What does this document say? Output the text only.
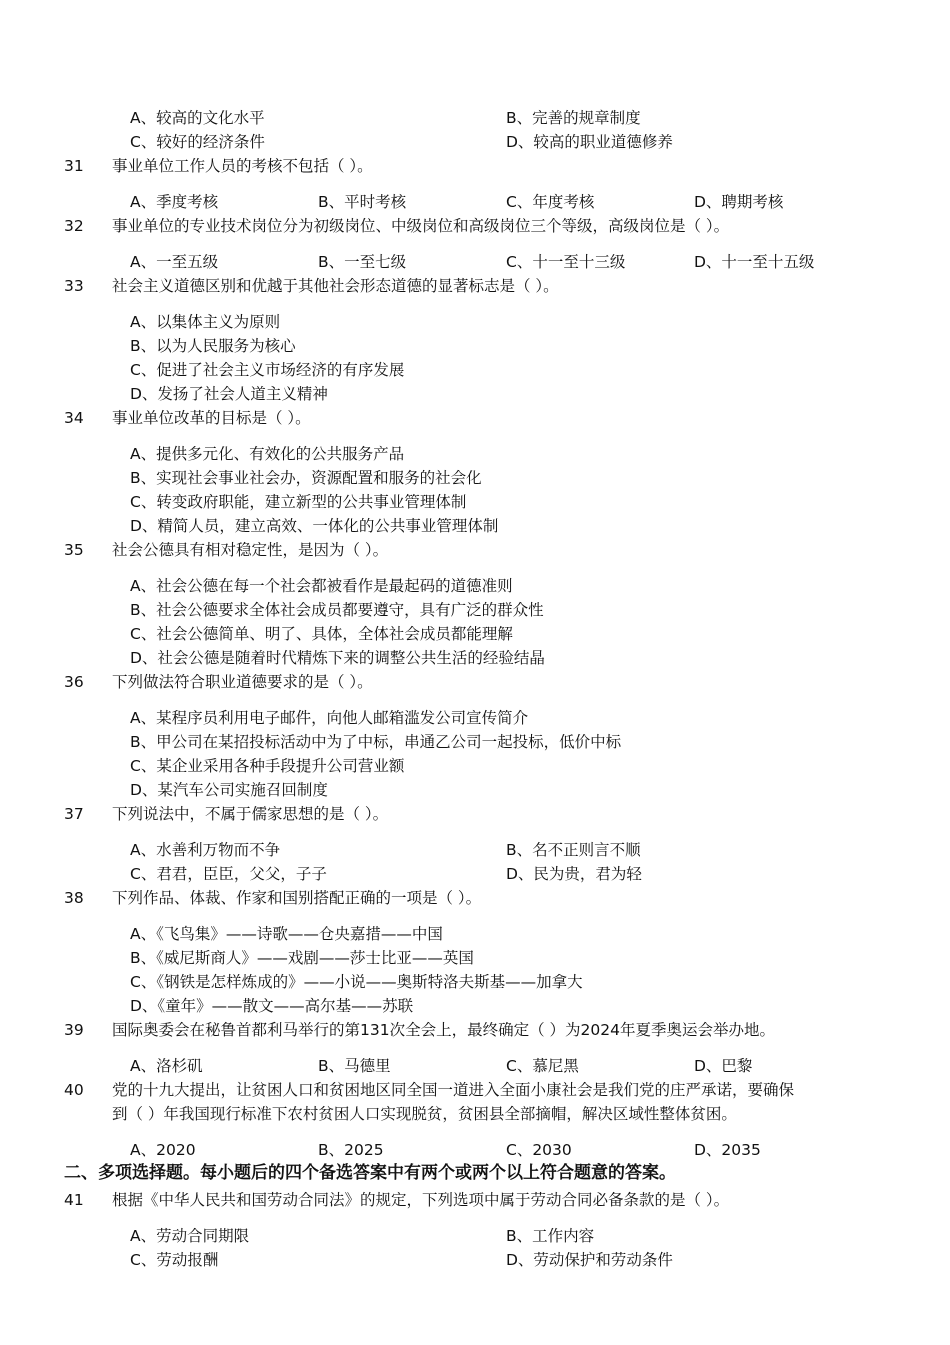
A、较高的文化水平	B、完善的规章制度
C、较好的经济条件	D、较高的职业道德修养
31	事业单位工作人员的考核不包括（ ）。
A、季度考核	B、平时考核	C、年度考核	D、聘期考核
32	事业单位的专业技术岗位分为初级岗位、中级岗位和高级岗位三个等级，高级岗位是（ ）。
A、一至五级	B、一至七级	C、十一至十三级	D、十一至十五级
33	社会主义道德区别和优越于其他社会形态道德的显著标志是（ ）。
A、以集体主义为原则
B、以为人民服务为核心
C、促进了社会主义市场经济的有序发展
D、发扬了社会人道主义精神
34	事业单位改革的目标是（ ）。
A、提供多元化、有效化的公共服务产品
B、实现社会事业社会办，资源配置和服务的社会化
C、转变政府职能，建立新型的公共事业管理体制
D、精简人员，建立高效、一体化的公共事业管理体制
35	社会公德具有相对稳定性，是因为（ ）。
A、社会公德在每一个社会都被看作是最起码的道德准则
B、社会公德要求全体社会成员都要遵守，具有广泛的群众性
C、社会公德简单、明了、具体，全体社会成员都能理解
D、社会公德是随着时代精炼下来的调整公共生活的经验结晶
36	下列做法符合职业道德要求的是（ ）。
A、某程序员利用电子邮件，向他人邮箱滥发公司宣传简介
B、甲公司在某招投标活动中为了中标，串通乙公司一起投标，低价中标
C、某企业采用各种手段提升公司营业额
D、某汽车公司实施召回制度
37	下列说法中，不属于儒家思想的是（ ）。
A、水善利万物而不争	B、名不正则言不顺
C、君君，臣臣，父父，子子	D、民为贵，君为轻
38	下列作品、体裁、作家和国别搭配正确的一项是（ ）。
A、《飞鸟集》——诗歌——仓央嘉措——中国
B、《威尼斯商人》——戏剧——莎士比亚——英国
C、《钢铁是怎样炼成的》——小说——奥斯特洛夫斯基——加拿大
D、《童年》——散文——高尔基——苏联
39	国际奥委会在秘鲁首都利马举行的第131次全会上，最终确定（ ）为2024年夏季奥运会举办地。
A、洛杉矶	B、马德里	C、慕尼黑	D、巴黎
40	党的十九大提出，让贫困人口和贫困地区同全国一道进入全面小康社会是我们党的庄严承诺，要确保
到（ ）年我国现行标准下农村贫困人口实现脱贫，贫困县全部摘帽，解决区域性整体贫困。
A、2020	B、2025	C、2030	D、2035
二、多项选择题。每小题后的四个备选答案中有两个或两个以上符合题意的答案。
41	根据《中华人民共和国劳动合同法》的规定，下列选项中属于劳动合同必备条款的是（ ）。
A、劳动合同期限	B、工作内容
C、劳动报酬	D、劳动保护和劳动条件
